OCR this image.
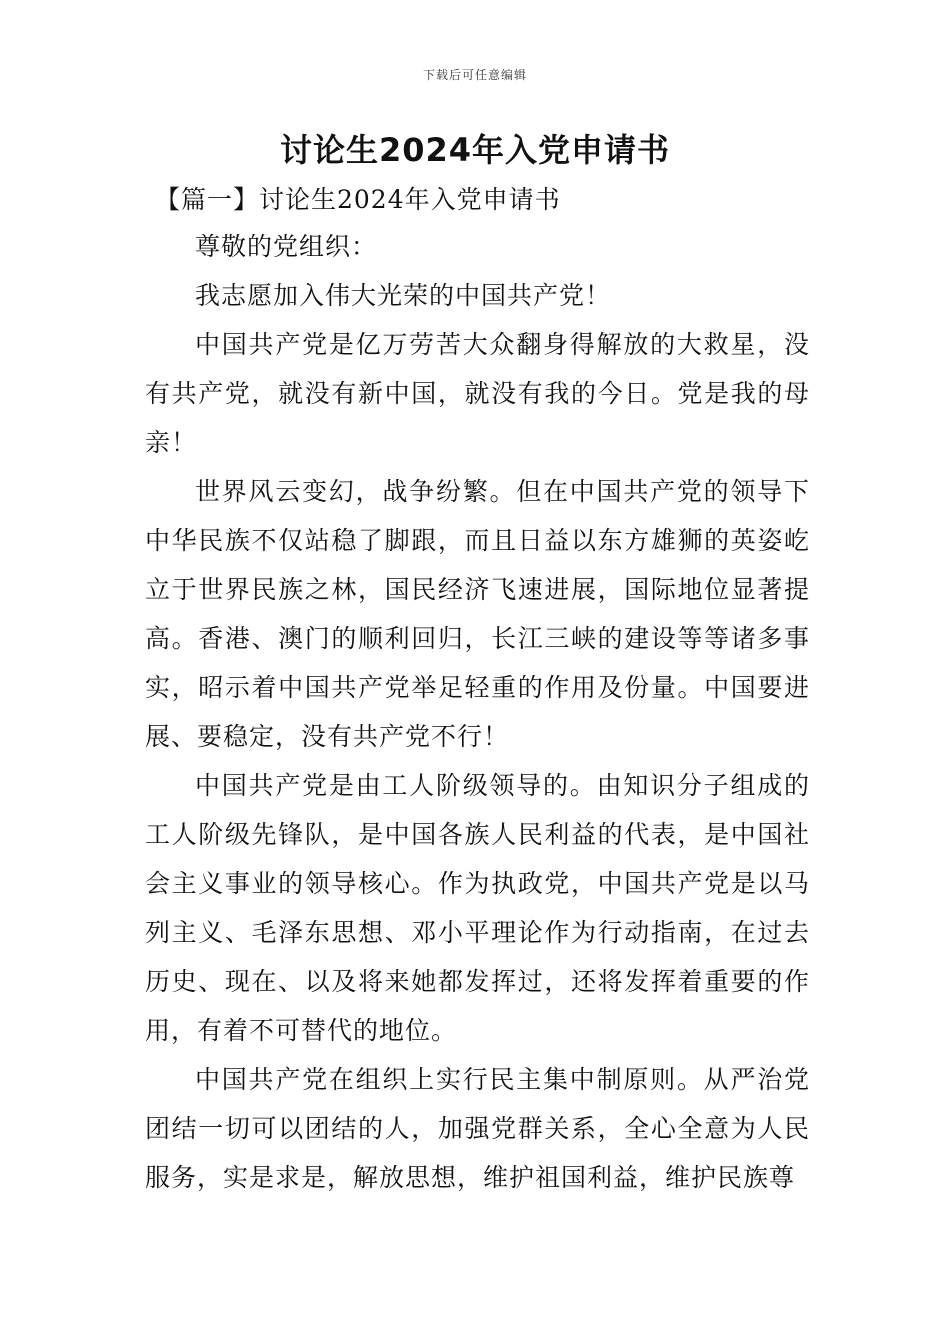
下载后可任意编辑
讨论生2024年入党申请书

【篇一】讨论生2024年入党申请书

尊敬的党组织：

我志愿加入伟大光荣的中国共产党！

中国共产党是亿万劳苦大众翻身得解放的大救星，没有共产党，就没有新中国，就没有我的今日。党是我的母亲！

世界风云变幻，战争纷繁。但在中国共产党的领导下中华民族不仅站稳了脚跟，而且日益以东方雄狮的英姿屹立于世界民族之林，国民经济飞速进展，国际地位显著提高。香港、澳门的顺利回归，长江三峡的建设等等诸多事实，昭示着中国共产党举足轻重的作用及份量。中国要进展、要稳定，没有共产党不行！

中国共产党是由工人阶级领导的。由知识分子组成的工人阶级先锋队，是中国各族人民利益的代表，是中国社会主义事业的领导核心。作为执政党，中国共产党是以马列主义、毛泽东思想、邓小平理论作为行动指南，在过去历史、现在、以及将来她都发挥过，还将发挥着重要的作用，有着不可替代的地位。

中国共产党在组织上实行民主集中制原则。从严治党团结一切可以团结的人，加强党群关系，全心全意为人民服务，实是求是，解放思想，维护祖国利益，维护民族尊
